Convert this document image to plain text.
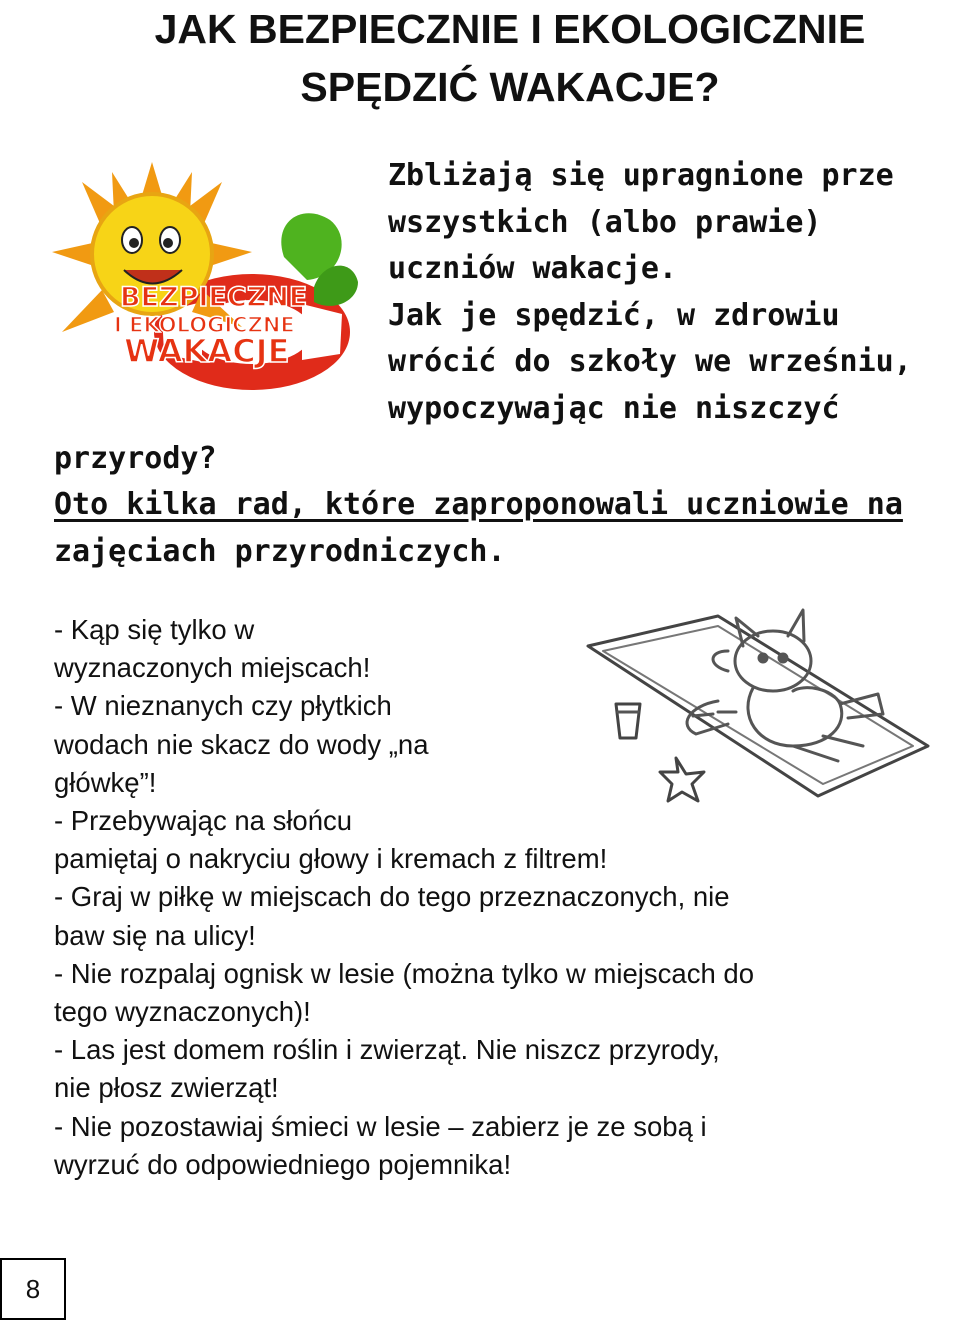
JAK BEZPIECZNIE I EKOLOGICZNIE
SPĘDZIĆ WAKACJE?
BEZPIECZNE
I EKOLOGICZNE
WAKACJE
Zbliżają się upragnione prze
wszystkich (albo prawie)
uczniów wakacje.
Jak je spędzić, w zdrowiu
wrócić do szkoły we wrześniu,
wypoczywając nie niszczyć
przyrody?
Oto kilka rad, które zaproponowali uczniowie na
zajęciach przyrodniczych.
- Kąp się tylko w
wyznaczonych miejscach!
- W nieznanych czy płytkich
wodach nie skacz do wody „na
główkę”!
- Przebywając na słońcu
pamiętaj o nakryciu głowy i kremach z filtrem!
- Graj w piłkę w miejscach do tego przeznaczonych, nie
baw się na ulicy!
- Nie rozpalaj ognisk w lesie (można tylko w miejscach do
tego wyznaczonych)!
- Las jest domem roślin i zwierząt. Nie niszcz przyrody,
nie płosz zwierząt!
- Nie pozostawiaj śmieci w lesie – zabierz je ze sobą i
wyrzuć do odpowiedniego pojemnika!
8
